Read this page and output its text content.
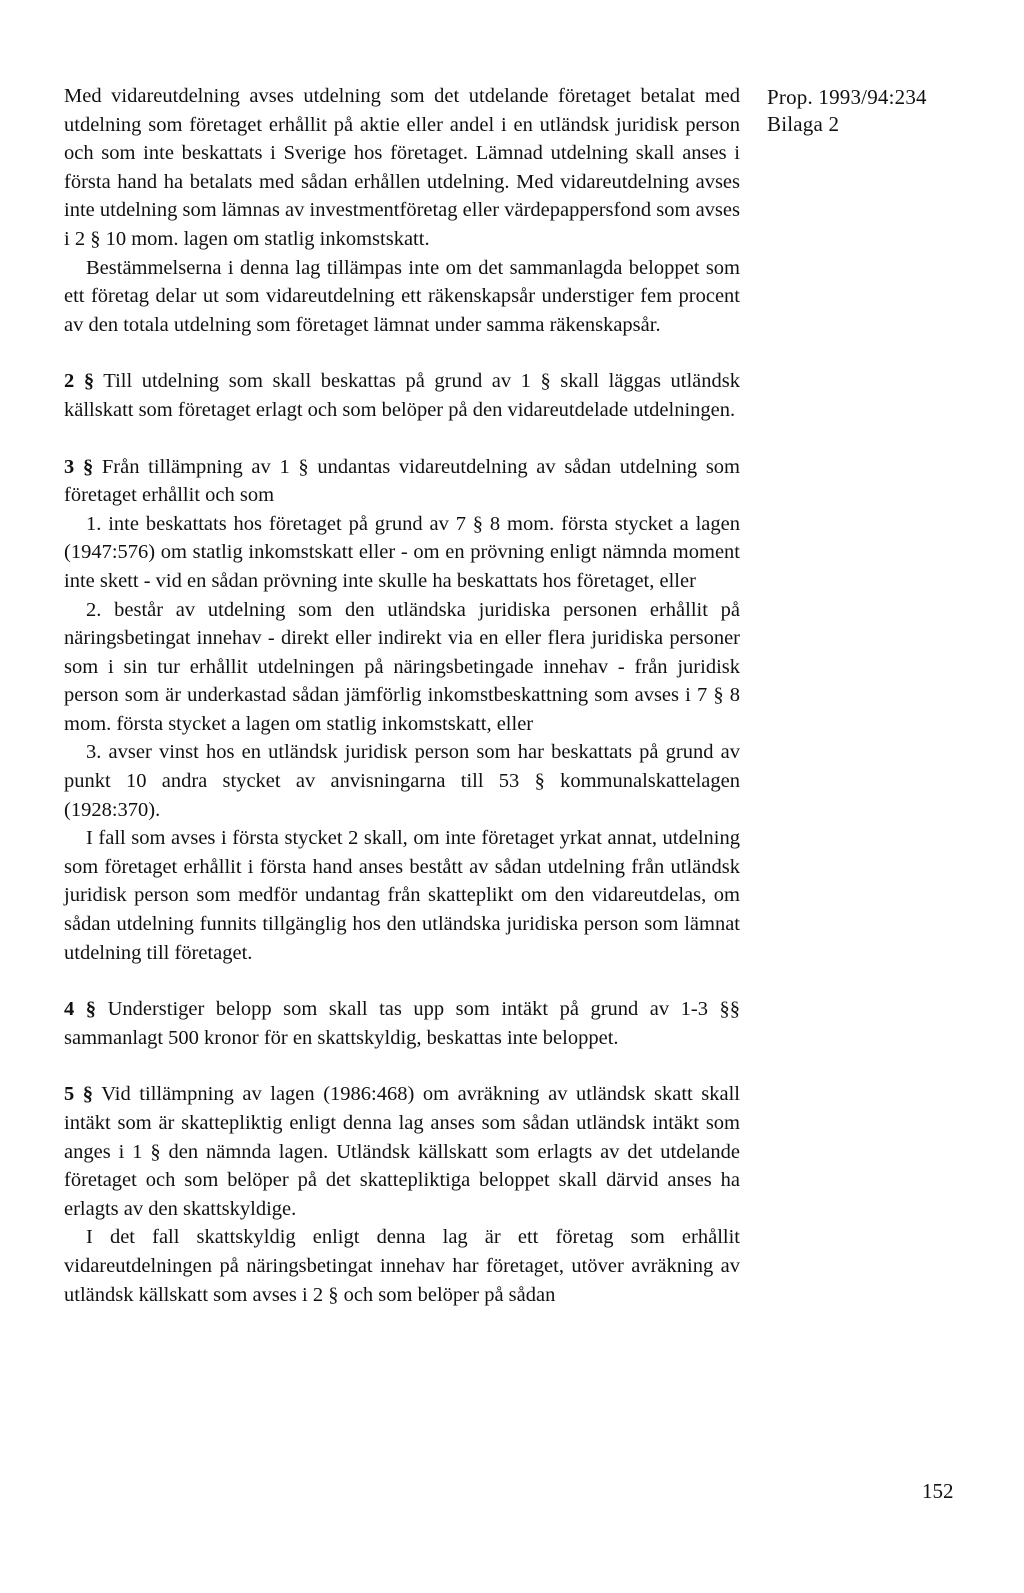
Prop. 1993/94:234
Bilaga 2

Med vidareutdelning avses utdelning som det utdelande företaget betalat med utdelning som företaget erhållit på aktie eller andel i en utländsk juridisk person och som inte beskattats i Sverige hos företaget. Lämnad utdelning skall anses i första hand ha betalats med sådan erhållen utdelning. Med vidareutdelning avses inte utdelning som lämnas av investmentföretag eller värdepappersfond som avses i 2 § 10 mom. lagen om statlig inkomstskatt.

Bestämmelserna i denna lag tillämpas inte om det sammanlagda beloppet som ett företag delar ut som vidareutdelning ett räkenskapsår understiger fem procent av den totala utdelning som företaget lämnat under samma räkenskapsår.

2 § Till utdelning som skall beskattas på grund av 1 § skall läggas utländsk källskatt som företaget erlagt och som belöper på den vidareutdelade utdelningen.

3 § Från tillämpning av 1 § undantas vidareutdelning av sådan utdelning som företaget erhållit och som

1. inte beskattats hos företaget på grund av 7 § 8 mom. första stycket a lagen (1947:576) om statlig inkomstskatt eller - om en prövning enligt nämnda moment inte skett - vid en sådan prövning inte skulle ha beskattats hos företaget, eller

2. består av utdelning som den utländska juridiska personen erhållit på näringsbetingat innehav - direkt eller indirekt via en eller flera juridiska personer som i sin tur erhållit utdelningen på näringsbetingade innehav - från juridisk person som är underkastad sådan jämförlig inkomstbeskattning som avses i 7 § 8 mom. första stycket a lagen om statlig inkomstskatt, eller

3. avser vinst hos en utländsk juridisk person som har beskattats på grund av punkt 10 andra stycket av anvisningarna till 53 § kommunalskattelagen (1928:370).

I fall som avses i första stycket 2 skall, om inte företaget yrkat annat, utdelning som företaget erhållit i första hand anses bestått av sådan utdelning från utländsk juridisk person som medför undantag från skatteplikt om den vidareutdelas, om sådan utdelning funnits tillgänglig hos den utländska juridiska person som lämnat utdelning till företaget.

4 § Understiger belopp som skall tas upp som intäkt på grund av 1-3 §§ sammanlagt 500 kronor för en skattskyldig, beskattas inte beloppet.

5 § Vid tillämpning av lagen (1986:468) om avräkning av utländsk skatt skall intäkt som är skattepliktig enligt denna lag anses som sådan utländsk intäkt som anges i 1 § den nämnda lagen. Utländsk källskatt som erlagts av det utdelande företaget och som belöper på det skattepliktiga beloppet skall därvid anses ha erlagts av den skattskyldige.

I det fall skattskyldig enligt denna lag är ett företag som erhållit vidareutdelningen på näringsbetingat innehav har företaget, utöver avräkning av utländsk källskatt som avses i 2 § och som belöper på sådan

152
